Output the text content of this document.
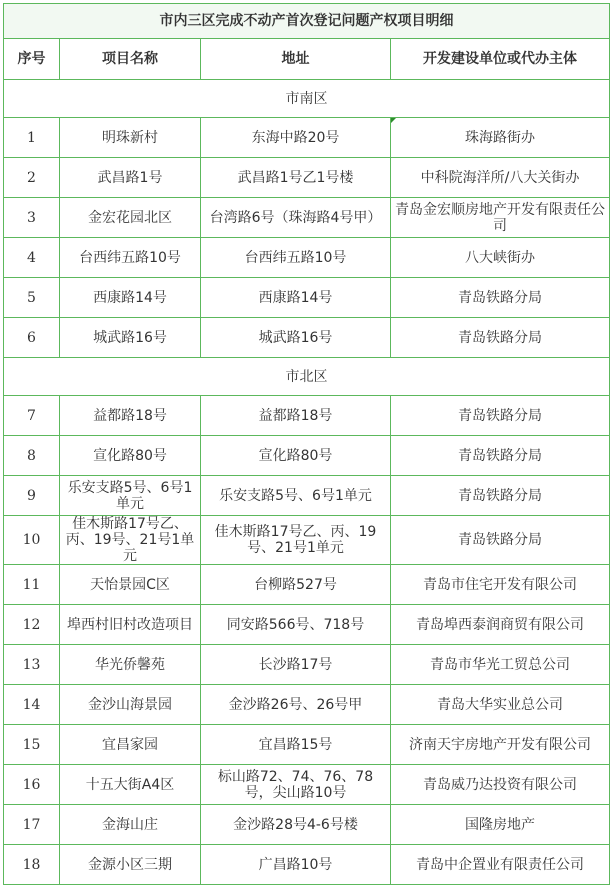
市内三区完成不动产首次登记问题产权项目明细			
序号	项目名称	地址	开发建设单位或代办主体
市南区			
1	明珠新村	东海中路20号	珠海路街办
2	武昌路1号	武昌路1号乙1号楼	中科院海洋所/八大关街办
3	金宏花园北区	台湾路6号（珠海路4号甲）	青岛金宏顺房地产开发有限责任公司
4	台西纬五路10号	台西纬五路10号	八大峡街办
5	西康路14号	西康路14号	青岛铁路分局
6	城武路16号	城武路16号	青岛铁路分局
市北区			
7	益都路18号	益都路18号	青岛铁路分局
8	宣化路80号	宣化路80号	青岛铁路分局
9	乐安支路5号、6号1单元	乐安支路5号、6号1单元	青岛铁路分局
10	佳木斯路17号乙、丙、19号、21号1单元	佳木斯路17号乙、丙、19号、21号1单元	青岛铁路分局
11	天怡景园C区	台柳路527号	青岛市住宅开发有限公司
12	埠西村旧村改造项目	同安路566号、718号	青岛埠西泰润商贸有限公司
13	华光侨馨苑	长沙路17号	青岛市华光工贸总公司
14	金沙山海景园	金沙路26号、26号甲	青岛大华实业总公司
15	宜昌家园	宜昌路15号	济南天宇房地产开发有限公司
16	十五大街A4区	标山路72、74、76、78号，尖山路10号	青岛威乃达投资有限公司
17	金海山庄	金沙路28号4-6号楼	国隆房地产
18	金源小区三期	广昌路10号	青岛中企置业有限责任公司
